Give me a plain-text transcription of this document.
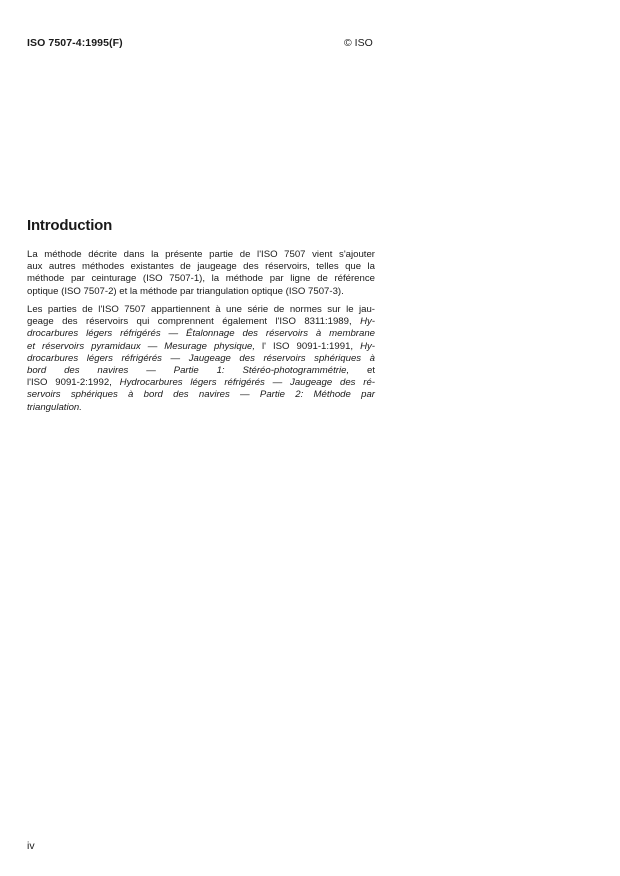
ISO 7507-4:1995(F)	© ISO
Introduction
La méthode décrite dans la présente partie de l'ISO 7507 vient s'ajouter
aux autres méthodes existantes de jaugeage des réservoirs, telles que la
méthode par ceinturage (ISO 7507-1), la méthode par ligne de référence
optique (ISO 7507-2) et la méthode par triangulation optique (ISO 7507-3).
Les parties de l'ISO 7507 appartiennent à une série de normes sur le jau-
geage des réservoirs qui comprennent également l'ISO 8311:1989, Hy-
drocarbures légers réfrigérés — Étalonnage des réservoirs à membrane
et réservoirs pyramidaux — Mesurage physique, l' ISO 9091-1:1991, Hy-
drocarbures légers réfrigérés — Jaugeage des réservoirs sphériques à
bord des navires — Partie 1: Stéréo-photogrammétrie, et
l'ISO 9091-2:1992, Hydrocarbures légers réfrigérés — Jaugeage des ré-
servoirs sphériques à bord des navires — Partie 2: Méthode par
triangulation.
iv
